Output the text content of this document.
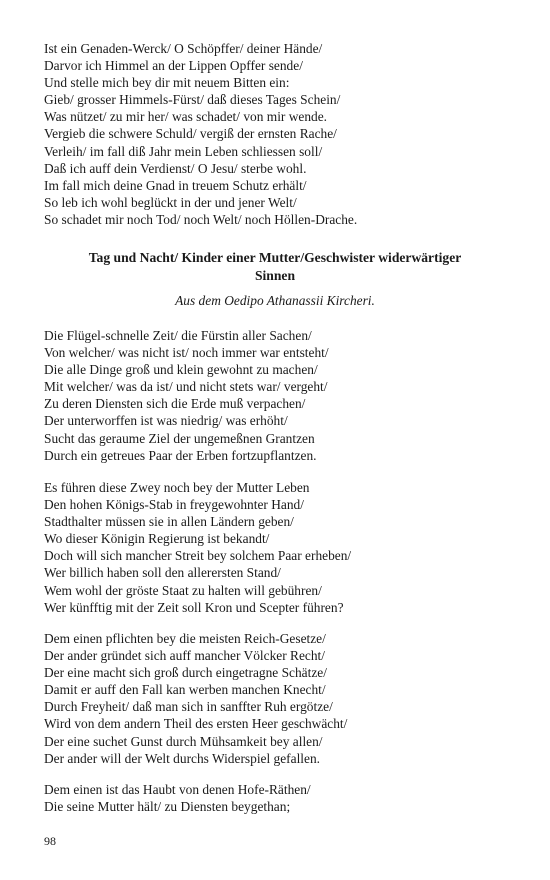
Ist ein Genaden-Werck/ O Schöpffer/ deiner Hände/
Darvor ich Himmel an der Lippen Opffer sende/
Und stelle mich bey dir mit neuem Bitten ein:
Gieb/ grosser Himmels-Fürst/ daß dieses Tages Schein/
Was nützet/ zu mir her/ was schadet/ von mir wende.
Vergieb die schwere Schuld/ vergiß der ernsten Rache/
Verleih/ im fall diß Jahr mein Leben schliessen soll/
Daß ich auff dein Verdienst/ O Jesu/ sterbe wohl.
Im fall mich deine Gnad in treuem Schutz erhält/
So leb ich wohl beglückt in der und jener Welt/
So schadet mir noch Tod/ noch Welt/ noch Höllen-Drache.
Tag und Nacht/ Kinder einer Mutter/Geschwister widerwärtiger
Sinnen
Aus dem Oedipo Athanassii Kircheri.
Die Flügel-schnelle Zeit/ die Fürstin aller Sachen/
Von welcher/ was nicht ist/ noch immer war entsteht/
Die alle Dinge groß und klein gewohnt zu machen/
Mit welcher/ was da ist/ und nicht stets war/ vergeht/
Zu deren Diensten sich die Erde muß verpachen/
Der unterworffen ist was niedrig/ was erhöht/
Sucht das geraume Ziel der ungemeßnen Grantzen
Durch ein getreues Paar der Erben fortzupflantzen.
Es führen diese Zwey noch bey der Mutter Leben
Den hohen Königs-Stab in freygewohnter Hand/
Stadthalter müssen sie in allen Ländern geben/
Wo dieser Königin Regierung ist bekandt/
Doch will sich mancher Streit bey solchem Paar erheben/
Wer billich haben soll den allerersten Stand/
Wem wohl der gröste Staat zu halten will gebühren/
Wer künfftig mit der Zeit soll Kron und Scepter führen?
Dem einen pflichten bey die meisten Reich-Gesetze/
Der ander gründet sich auff mancher Völcker Recht/
Der eine macht sich groß durch eingetragne Schätze/
Damit er auff den Fall kan werben manchen Knecht/
Durch Freyheit/ daß man sich in sanffter Ruh ergötze/
Wird von dem andern Theil des ersten Heer geschwächt/
Der eine suchet Gunst durch Mühsamkeit bey allen/
Der ander will der Welt durchs Widerspiel gefallen.
Dem einen ist das Haubt von denen Hofe-Räthen/
Die seine Mutter hält/ zu Diensten beygethan;
98
